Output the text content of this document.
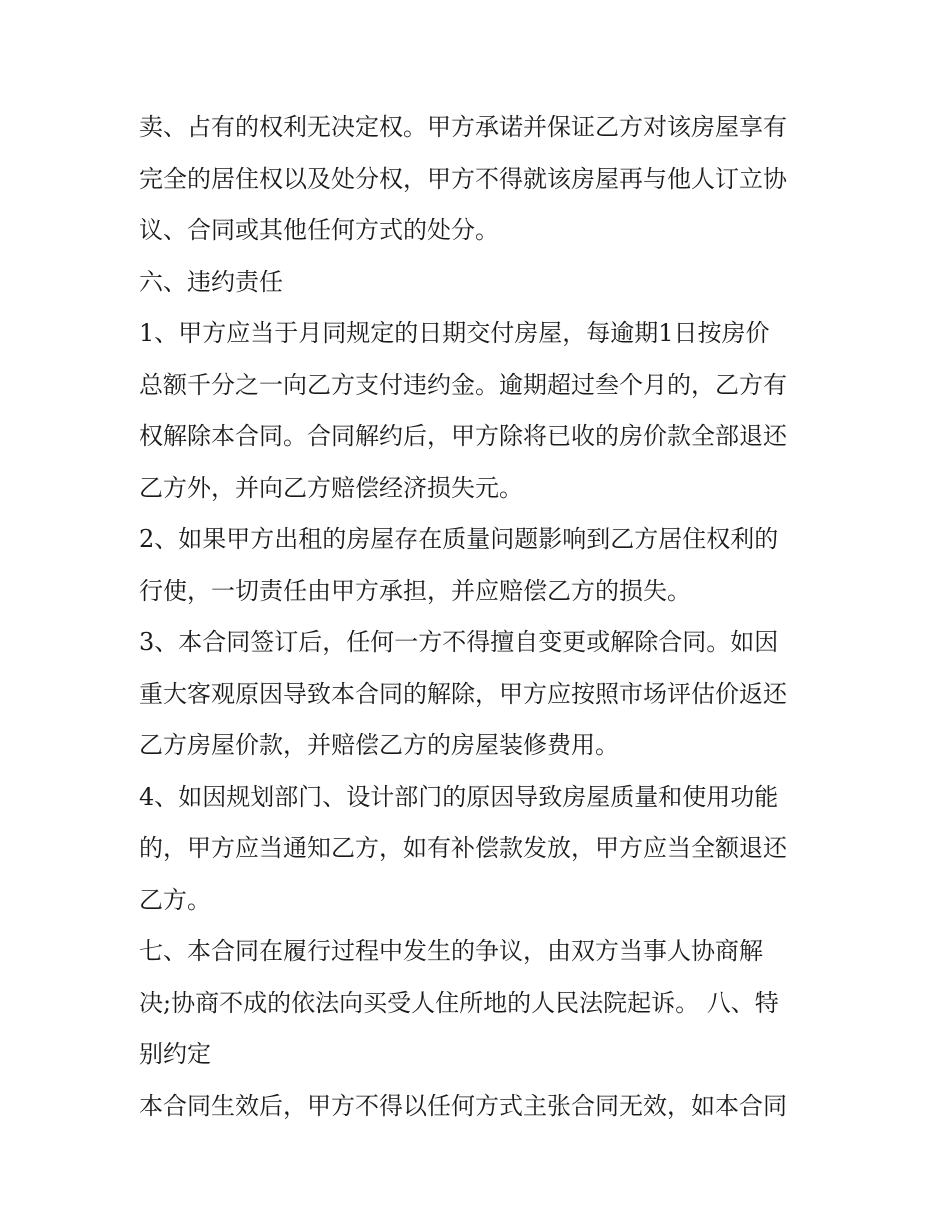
卖、占有的权利无决定权。甲方承诺并保证乙方对该房屋享有

完全的居住权以及处分权，甲方不得就该房屋再与他人订立协

议、合同或其他任何方式的处分。

六、违约责任

1、甲方应当于月同规定的日期交付房屋，每逾期1日按房价

总额千分之一向乙方支付违约金。逾期超过叁个月的，乙方有

权解除本合同。合同解约后，甲方除将已收的房价款全部退还

乙方外，并向乙方赔偿经济损失元。

2、如果甲方出租的房屋存在质量问题影响到乙方居住权利的

行使，一切责任由甲方承担，并应赔偿乙方的损失。

3、本合同签订后，任何一方不得擅自变更或解除合同。如因

重大客观原因导致本合同的解除，甲方应按照市场评估价返还

乙方房屋价款，并赔偿乙方的房屋装修费用。

4、如因规划部门、设计部门的原因导致房屋质量和使用功能

的，甲方应当通知乙方，如有补偿款发放，甲方应当全额退还

乙方。

七、本合同在履行过程中发生的争议，由双方当事人协商解

决;协商不成的依法向买受人住所地的人民法院起诉。 八、特

别约定

本合同生效后，甲方不得以任何方式主张合同无效，如本合同
